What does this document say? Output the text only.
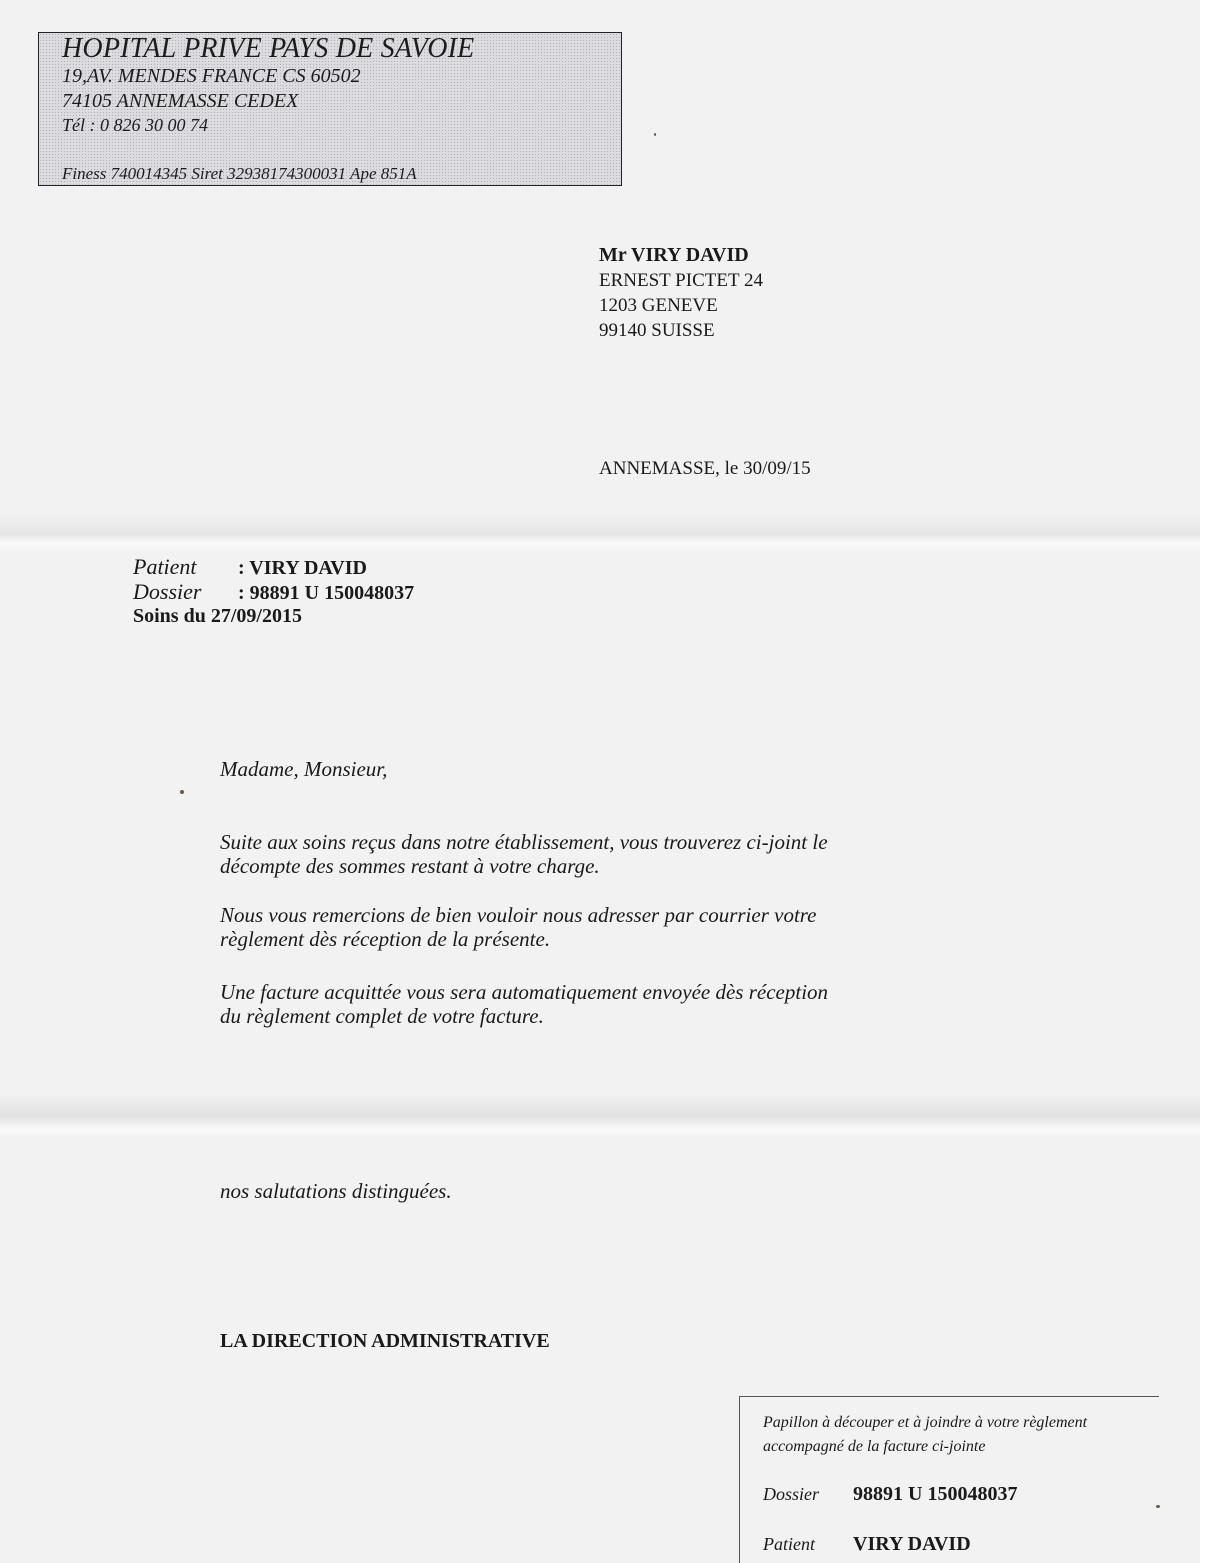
HOPITAL PRIVE PAYS DE SAVOIE
19,AV. MENDES FRANCE CS 60502
74105 ANNEMASSE CEDEX
Tél : 0 826 30 00 74
Finess 740014345 Siret 32938174300031 Ape 851A
Mr VIRY DAVID
ERNEST PICTET 24
1203 GENEVE
99140 SUISSE
ANNEMASSE, le 30/09/15
Patient : VIRY DAVID
Dossier : 98891 U 150048037
Soins du 27/09/2015
Madame, Monsieur,
Suite aux soins reçus dans notre établissement, vous trouverez ci-joint le
décompte des sommes restant à votre charge.
Nous vous remercions de bien vouloir nous adresser par courrier votre
règlement dès réception de la présente.
Une facture acquittée vous sera automatiquement envoyée dès réception
du règlement complet de votre facture.
nos salutations distinguées.
LA DIRECTION ADMINISTRATIVE
Papillon à découper et à joindre à votre règlement
accompagné de la facture ci-jointe
Dossier 98891 U 150048037
Patient VIRY DAVID
